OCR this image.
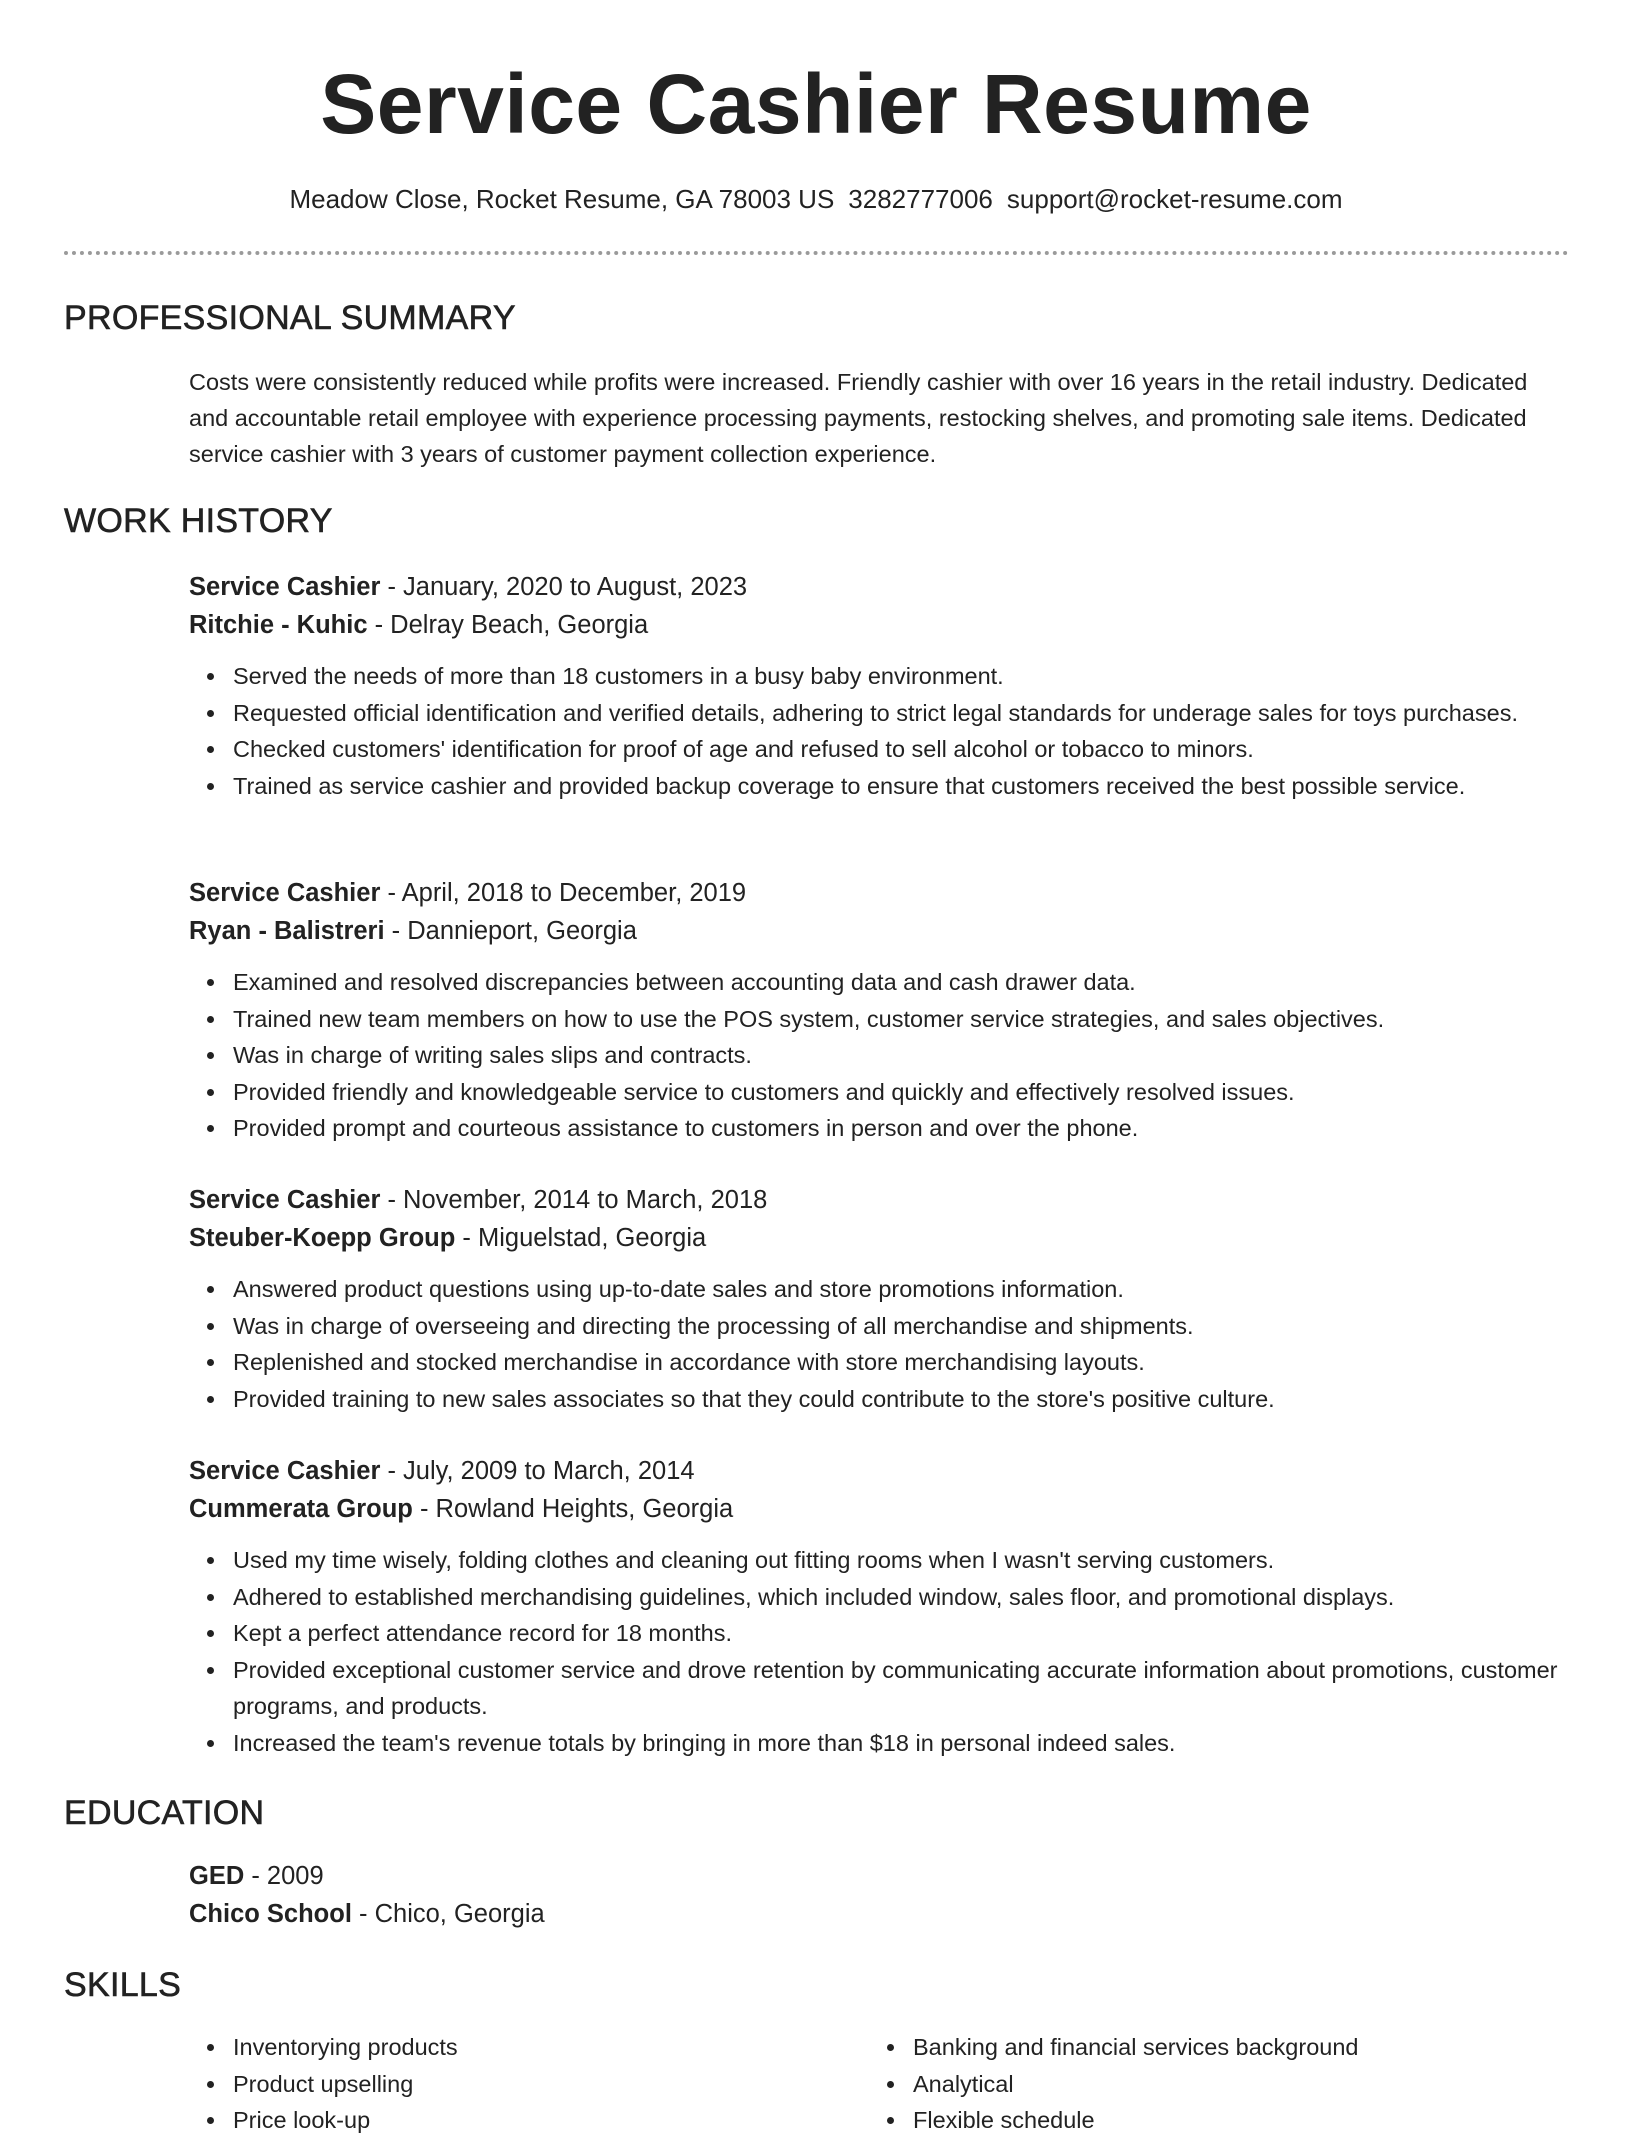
Service Cashier Resume
Meadow Close, Rocket Resume, GA 78003 US 3282777006 support@rocket-resume.com
PROFESSIONAL SUMMARY

Costs were consistently reduced while profits were increased. Friendly cashier with over 16 years in the retail industry. Dedicated and accountable retail employee with experience processing payments, restocking shelves, and promoting sale items. Dedicated service cashier with 3 years of customer payment collection experience.

WORK HISTORY

Service Cashier - January, 2020 to August, 2023

Ritchie - Kuhic - Delray Beach, Georgia

Served the needs of more than 18 customers in a busy baby environment.
Requested official identification and verified details, adhering to strict legal standards for underage sales for toys purchases.
Checked customers' identification for proof of age and refused to sell alcohol or tobacco to minors.
Trained as service cashier and provided backup coverage to ensure that customers received the best possible service.

Service Cashier - April, 2018 to December, 2019

Ryan - Balistreri - Dannieport, Georgia

Examined and resolved discrepancies between accounting data and cash drawer data.
Trained new team members on how to use the POS system, customer service strategies, and sales objectives.
Was in charge of writing sales slips and contracts.
Provided friendly and knowledgeable service to customers and quickly and effectively resolved issues.
Provided prompt and courteous assistance to customers in person and over the phone.

Service Cashier - November, 2014 to March, 2018

Steuber-Koepp Group - Miguelstad, Georgia

Answered product questions using up-to-date sales and store promotions information.
Was in charge of overseeing and directing the processing of all merchandise and shipments.
Replenished and stocked merchandise in accordance with store merchandising layouts.
Provided training to new sales associates so that they could contribute to the store's positive culture.

Service Cashier - July, 2009 to March, 2014

Cummerata Group - Rowland Heights, Georgia

Used my time wisely, folding clothes and cleaning out fitting rooms when I wasn't serving customers.
Adhered to established merchandising guidelines, which included window, sales floor, and promotional displays.
Kept a perfect attendance record for 18 months.
Provided exceptional customer service and drove retention by communicating accurate information about promotions, customer programs, and products.
Increased the team's revenue totals by bringing in more than $18 in personal indeed sales.
EDUCATION

GED - 2009

Chico School - Chico, Georgia

SKILLS
Inventorying products
Product upselling
Price look-up
Banking and financial services background
Analytical
Flexible schedule
